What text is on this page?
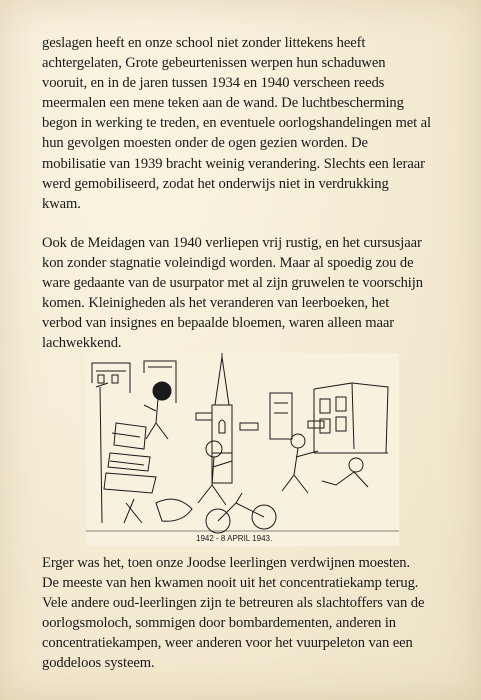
geslagen heeft en onze school niet zonder littekens heeft
achtergelaten, Grote gebeurtenissen werpen hun schaduwen
vooruit, en in de jaren tussen 1934 en 1940 verscheen reeds
meermalen een mene teken aan de wand. De luchtbescherming
begon in werking te treden, en eventuele oorlogshandelingen met al
hun gevolgen moesten onder de ogen gezien worden. De
mobilisatie van 1939 bracht weinig verandering. Slechts een leraar
werd gemobiliseerd, zodat het onderwijs niet in verdrukking
kwam.

Ook de Meidagen van 1940 verliepen vrij rustig, en het cursusjaar
kon zonder stagnatie voleindigd worden. Maar al spoedig zou de
ware gedaante van de usurpator met al zijn gruwelen te voorschijn
komen. Kleinigheden als het veranderen van leerboeken, het
verbod van insignes en bepaalde bloemen, waren alleen maar
lachwekkend.

1942 - 8 APRIL 1943.

Erger was het, toen onze Joodse leerlingen verdwijnen moesten.
De meeste van hen kwamen nooit uit het concentratiekamp terug.
Vele andere oud-leerlingen zijn te betreuren als slachtoffers van de
oorlogsmoloch, sommigen door bombardementen, anderen in
concentratiekampen, weer anderen voor het vuurpeleton van een
goddeloos systeem.
